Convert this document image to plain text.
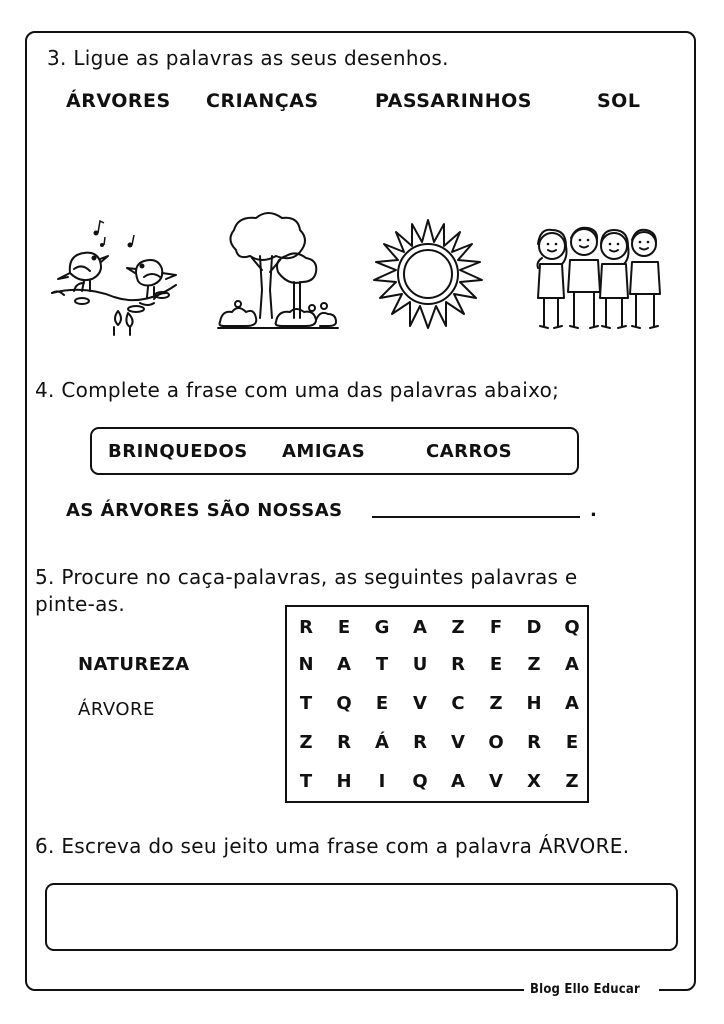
Blog Ello Educar
3. Ligue as palavras as seus desenhos.
ÁRVORES CRIANÇAS	PASSARINHOS	SOL
4. Complete a frase com uma das palavras abaixo;
BRINQUEDOS AMIGAS	CARROS
AS ÁRVORES SÃO NOSSAS	.
5. Procure no caça-palavras, as seguintes palavras e
pinte-as.
NATUREZA
ÁRVORE
R	E	G	A	Z	F	D	Q
N	A	T	U	R	E	Z	A
T	Q	E	V	C	Z	H	A
Z	R	Á	R	V	O	R	E
T	H	I	Q	A	V	X	Z
6. Escreva do seu jeito uma frase com a palavra ÁRVORE.
